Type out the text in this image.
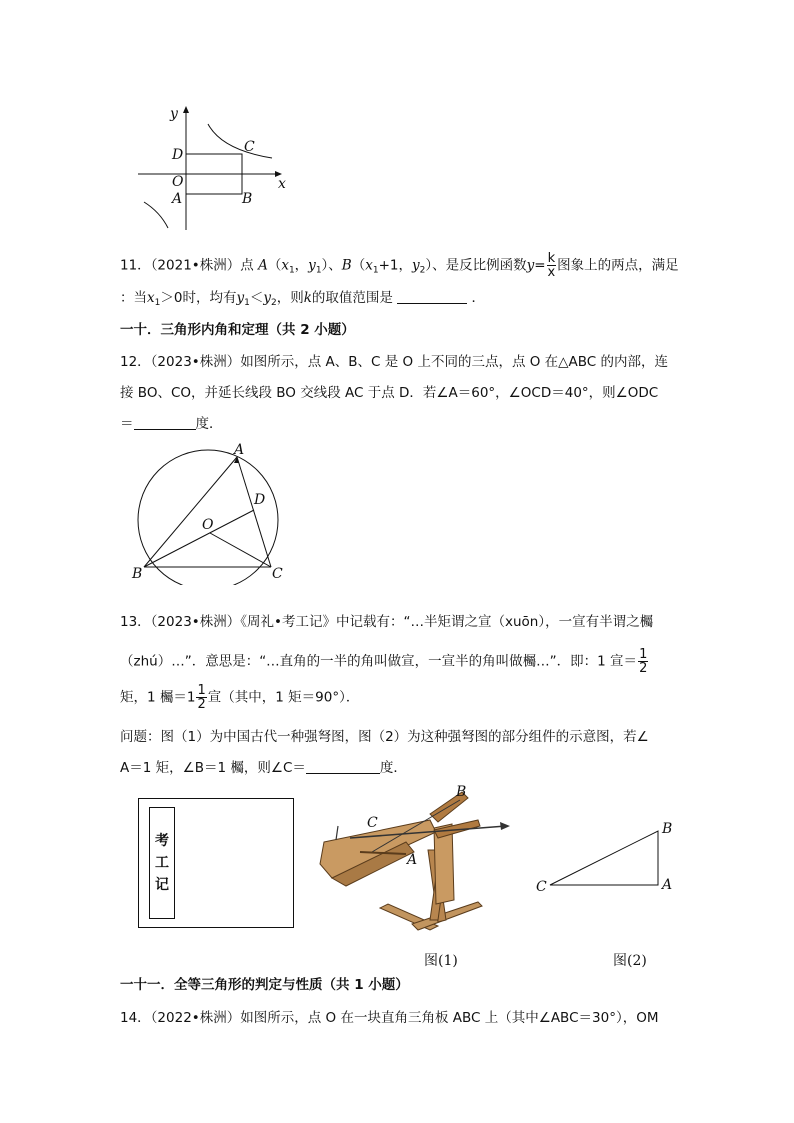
y
x
C
D
O
A	B
11．（2021•株洲）点 $A(x_1$，$y_1$）、$B(x_1+1$，$y_2$）、是反比例函数$y= \frac{k}{x}$ 图象上的两点，满足
：当$x_1>0$时，均有$y_1<y_2$，则k的取值范围是	．
一十．三角形内角和定理（共 2 小题）
12．（2023•株洲）如图所示，点 A、B、C 是 O 上不同的三点，点 O 在△ABC 的内部，连
接 BO、CO，并延长线段 BO 交线段 AC 于点 D．若∠A＝60°，∠OCD＝40°，则∠ODC
＝	度．
A
D
O
B	C
13．（2023•株洲）《周礼•考工记》中记载有：“…半矩谓之宣（xuōn），一宣有半谓之欘
（zhú）…”．意思是：“…直角的一半的角叫做宣，一宣半的角叫做欘…”．即：1 宣＝ $\frac{1}{2}$
矩，1 欘$=1 \frac{1}{2}$ 宣（其中，1 矩＝90°）．
问题：图（1）为中国古代一种强弩图，图（2）为这种强弩图的部分组件的示意图，若∠
A＝1 矩，∠B＝1 欘，则∠C＝	度．
考
工
记
B
C
A
图(1)
B
C	A
图(2)
一十一．全等三角形的判定与性质（共 1 小题）
14．（2022•株洲）如图所示，点 O 在一块直角三角板 ABC 上（其中∠ABC＝30°），OM
